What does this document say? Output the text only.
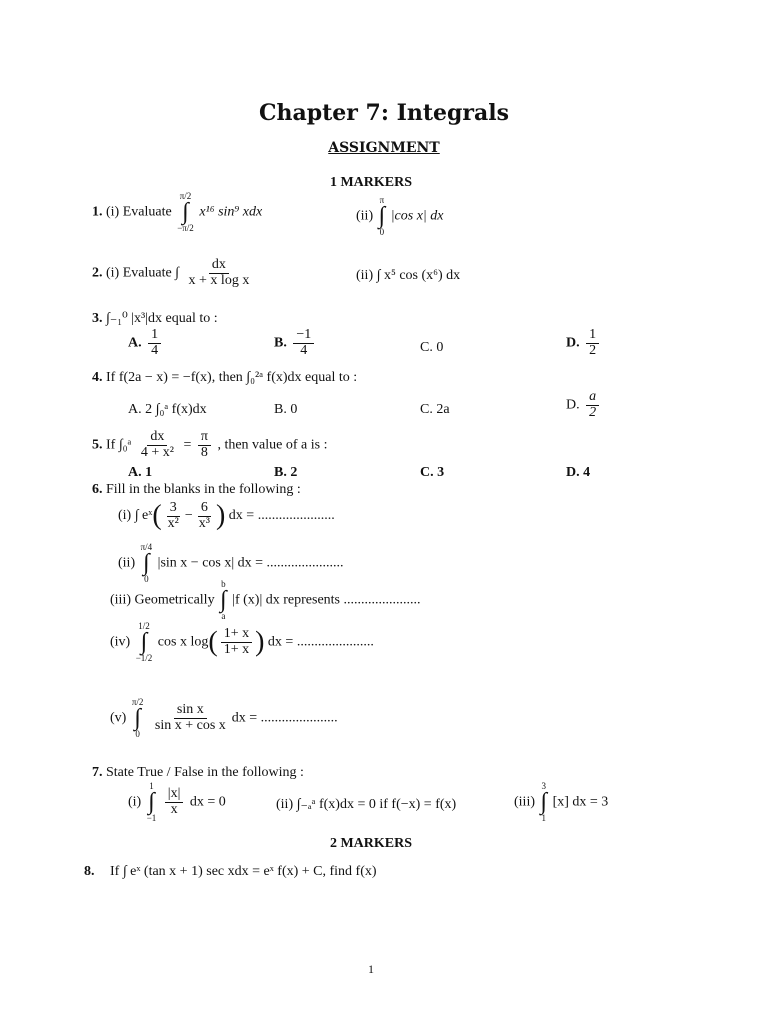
Chapter 7: Integrals
ASSIGNMENT
1 MARKERS
1. (i) Evaluate
π/2
∫
−π/2
x¹⁶ sin⁹ xdx	(ii)
π
∫
0
|cos x| dx
2. (i) Evaluate ∫ $\frac{dx}{\text{x + x log x}}$	(ii) ∫ x⁵ cos (x⁶) dx
3. ∫₋₁⁰ |x³|dx equal to :
A. $\frac{1}{4}$	B. $\frac{-1}{4}$	C. 0	D. $\frac{1}{2}$
4. If f(2a − x) = −f(x), then ∫₀²ᵃ f(x)dx equal to :
A. 2 ∫₀ᵃ f(x)dx	B. 0	C. 2a	D. $\frac{a}{2}$
5. If ∫₀ᵃ $\frac{dx}{\text{4 + x²}} = \frac{\pi}{8}$ , then value of a is :
A. 1	B. 2	C. 3	D. 4
6. Fill in the blanks in the following :
(i) ∫ eˣ( $\frac{3}{\text{x²}} - \frac{6}{\text{x³}}$ ) dx = ......................
(ii)
π/4
∫
0
|sin x − cos x| dx = ......................
(iii) Geometrically
b
∫
a
|f (x)| dx represents ......................
(iv)
1/2
∫
−1/2
cos x $\log( \frac{1+ x}{1+ x}$ ) dx = ......................
(v)
π/2
∫
0

$\frac{\text{sin x}}{\text{sin x + cos x}}$ dx = ......................
7. State True / False in the following :
(i)
1
∫
−1

$\frac{|x|}{x}$ dx = 0	(ii) ∫₋ₐᵃ f(x)dx = 0 if f(−x) = f(x)	(iii)
3
∫
1
[x] dx = 3
2 MARKERS
8. If ∫ eˣ (tan x + 1) sec xdx = eˣ f(x) + C, find f(x)
1
